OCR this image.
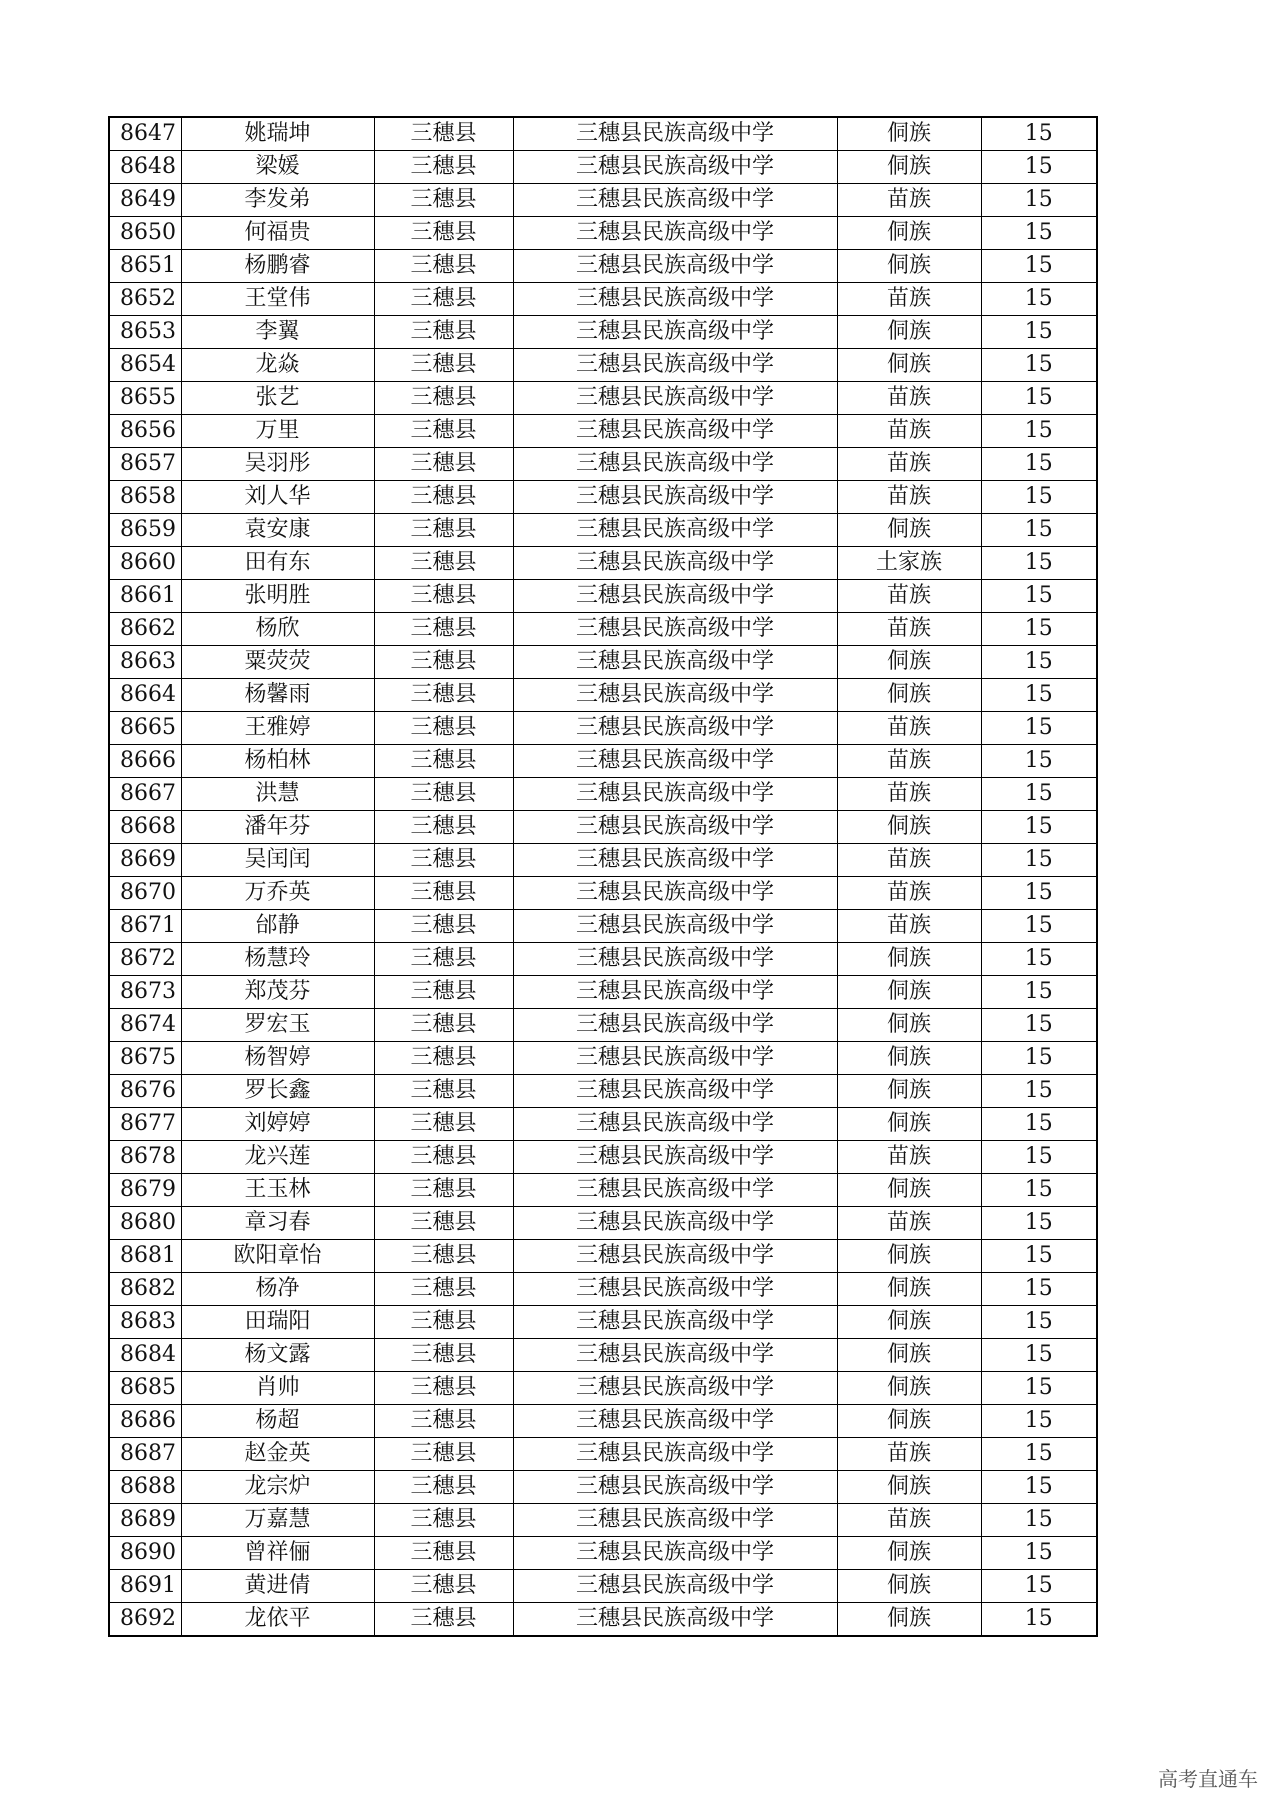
8647	姚瑞坤	三穗县	三穗县民族高级中学	侗族	15
8648	梁媛	三穗县	三穗县民族高级中学	侗族	15
8649	李发弟	三穗县	三穗县民族高级中学	苗族	15
8650	何福贵	三穗县	三穗县民族高级中学	侗族	15
8651	杨鹏睿	三穗县	三穗县民族高级中学	侗族	15
8652	王堂伟	三穗县	三穗县民族高级中学	苗族	15
8653	李翼	三穗县	三穗县民族高级中学	侗族	15
8654	龙焱	三穗县	三穗县民族高级中学	侗族	15
8655	张艺	三穗县	三穗县民族高级中学	苗族	15
8656	万里	三穗县	三穗县民族高级中学	苗族	15
8657	吴羽彤	三穗县	三穗县民族高级中学	苗族	15
8658	刘人华	三穗县	三穗县民族高级中学	苗族	15
8659	袁安康	三穗县	三穗县民族高级中学	侗族	15
8660	田有东	三穗县	三穗县民族高级中学	土家族	15
8661	张明胜	三穗县	三穗县民族高级中学	苗族	15
8662	杨欣	三穗县	三穗县民族高级中学	苗族	15
8663	粟荧荧	三穗县	三穗县民族高级中学	侗族	15
8664	杨馨雨	三穗县	三穗县民族高级中学	侗族	15
8665	王雅婷	三穗县	三穗县民族高级中学	苗族	15
8666	杨柏林	三穗县	三穗县民族高级中学	苗族	15
8667	洪慧	三穗县	三穗县民族高级中学	苗族	15
8668	潘年芬	三穗县	三穗县民族高级中学	侗族	15
8669	吴闰闰	三穗县	三穗县民族高级中学	苗族	15
8670	万乔英	三穗县	三穗县民族高级中学	苗族	15
8671	邰静	三穗县	三穗县民族高级中学	苗族	15
8672	杨慧玲	三穗县	三穗县民族高级中学	侗族	15
8673	郑茂芬	三穗县	三穗县民族高级中学	侗族	15
8674	罗宏玉	三穗县	三穗县民族高级中学	侗族	15
8675	杨智婷	三穗县	三穗县民族高级中学	侗族	15
8676	罗长鑫	三穗县	三穗县民族高级中学	侗族	15
8677	刘婷婷	三穗县	三穗县民族高级中学	侗族	15
8678	龙兴莲	三穗县	三穗县民族高级中学	苗族	15
8679	王玉林	三穗县	三穗县民族高级中学	侗族	15
8680	章习春	三穗县	三穗县民族高级中学	苗族	15
8681	欧阳章怡	三穗县	三穗县民族高级中学	侗族	15
8682	杨净	三穗县	三穗县民族高级中学	侗族	15
8683	田瑞阳	三穗县	三穗县民族高级中学	侗族	15
8684	杨文露	三穗县	三穗县民族高级中学	侗族	15
8685	肖帅	三穗县	三穗县民族高级中学	侗族	15
8686	杨超	三穗县	三穗县民族高级中学	侗族	15
8687	赵金英	三穗县	三穗县民族高级中学	苗族	15
8688	龙宗炉	三穗县	三穗县民族高级中学	侗族	15
8689	万嘉慧	三穗县	三穗县民族高级中学	苗族	15
8690	曾祥俪	三穗县	三穗县民族高级中学	侗族	15
8691	黄进倩	三穗县	三穗县民族高级中学	侗族	15
8692	龙依平	三穗县	三穗县民族高级中学	侗族	15
高考直通车
